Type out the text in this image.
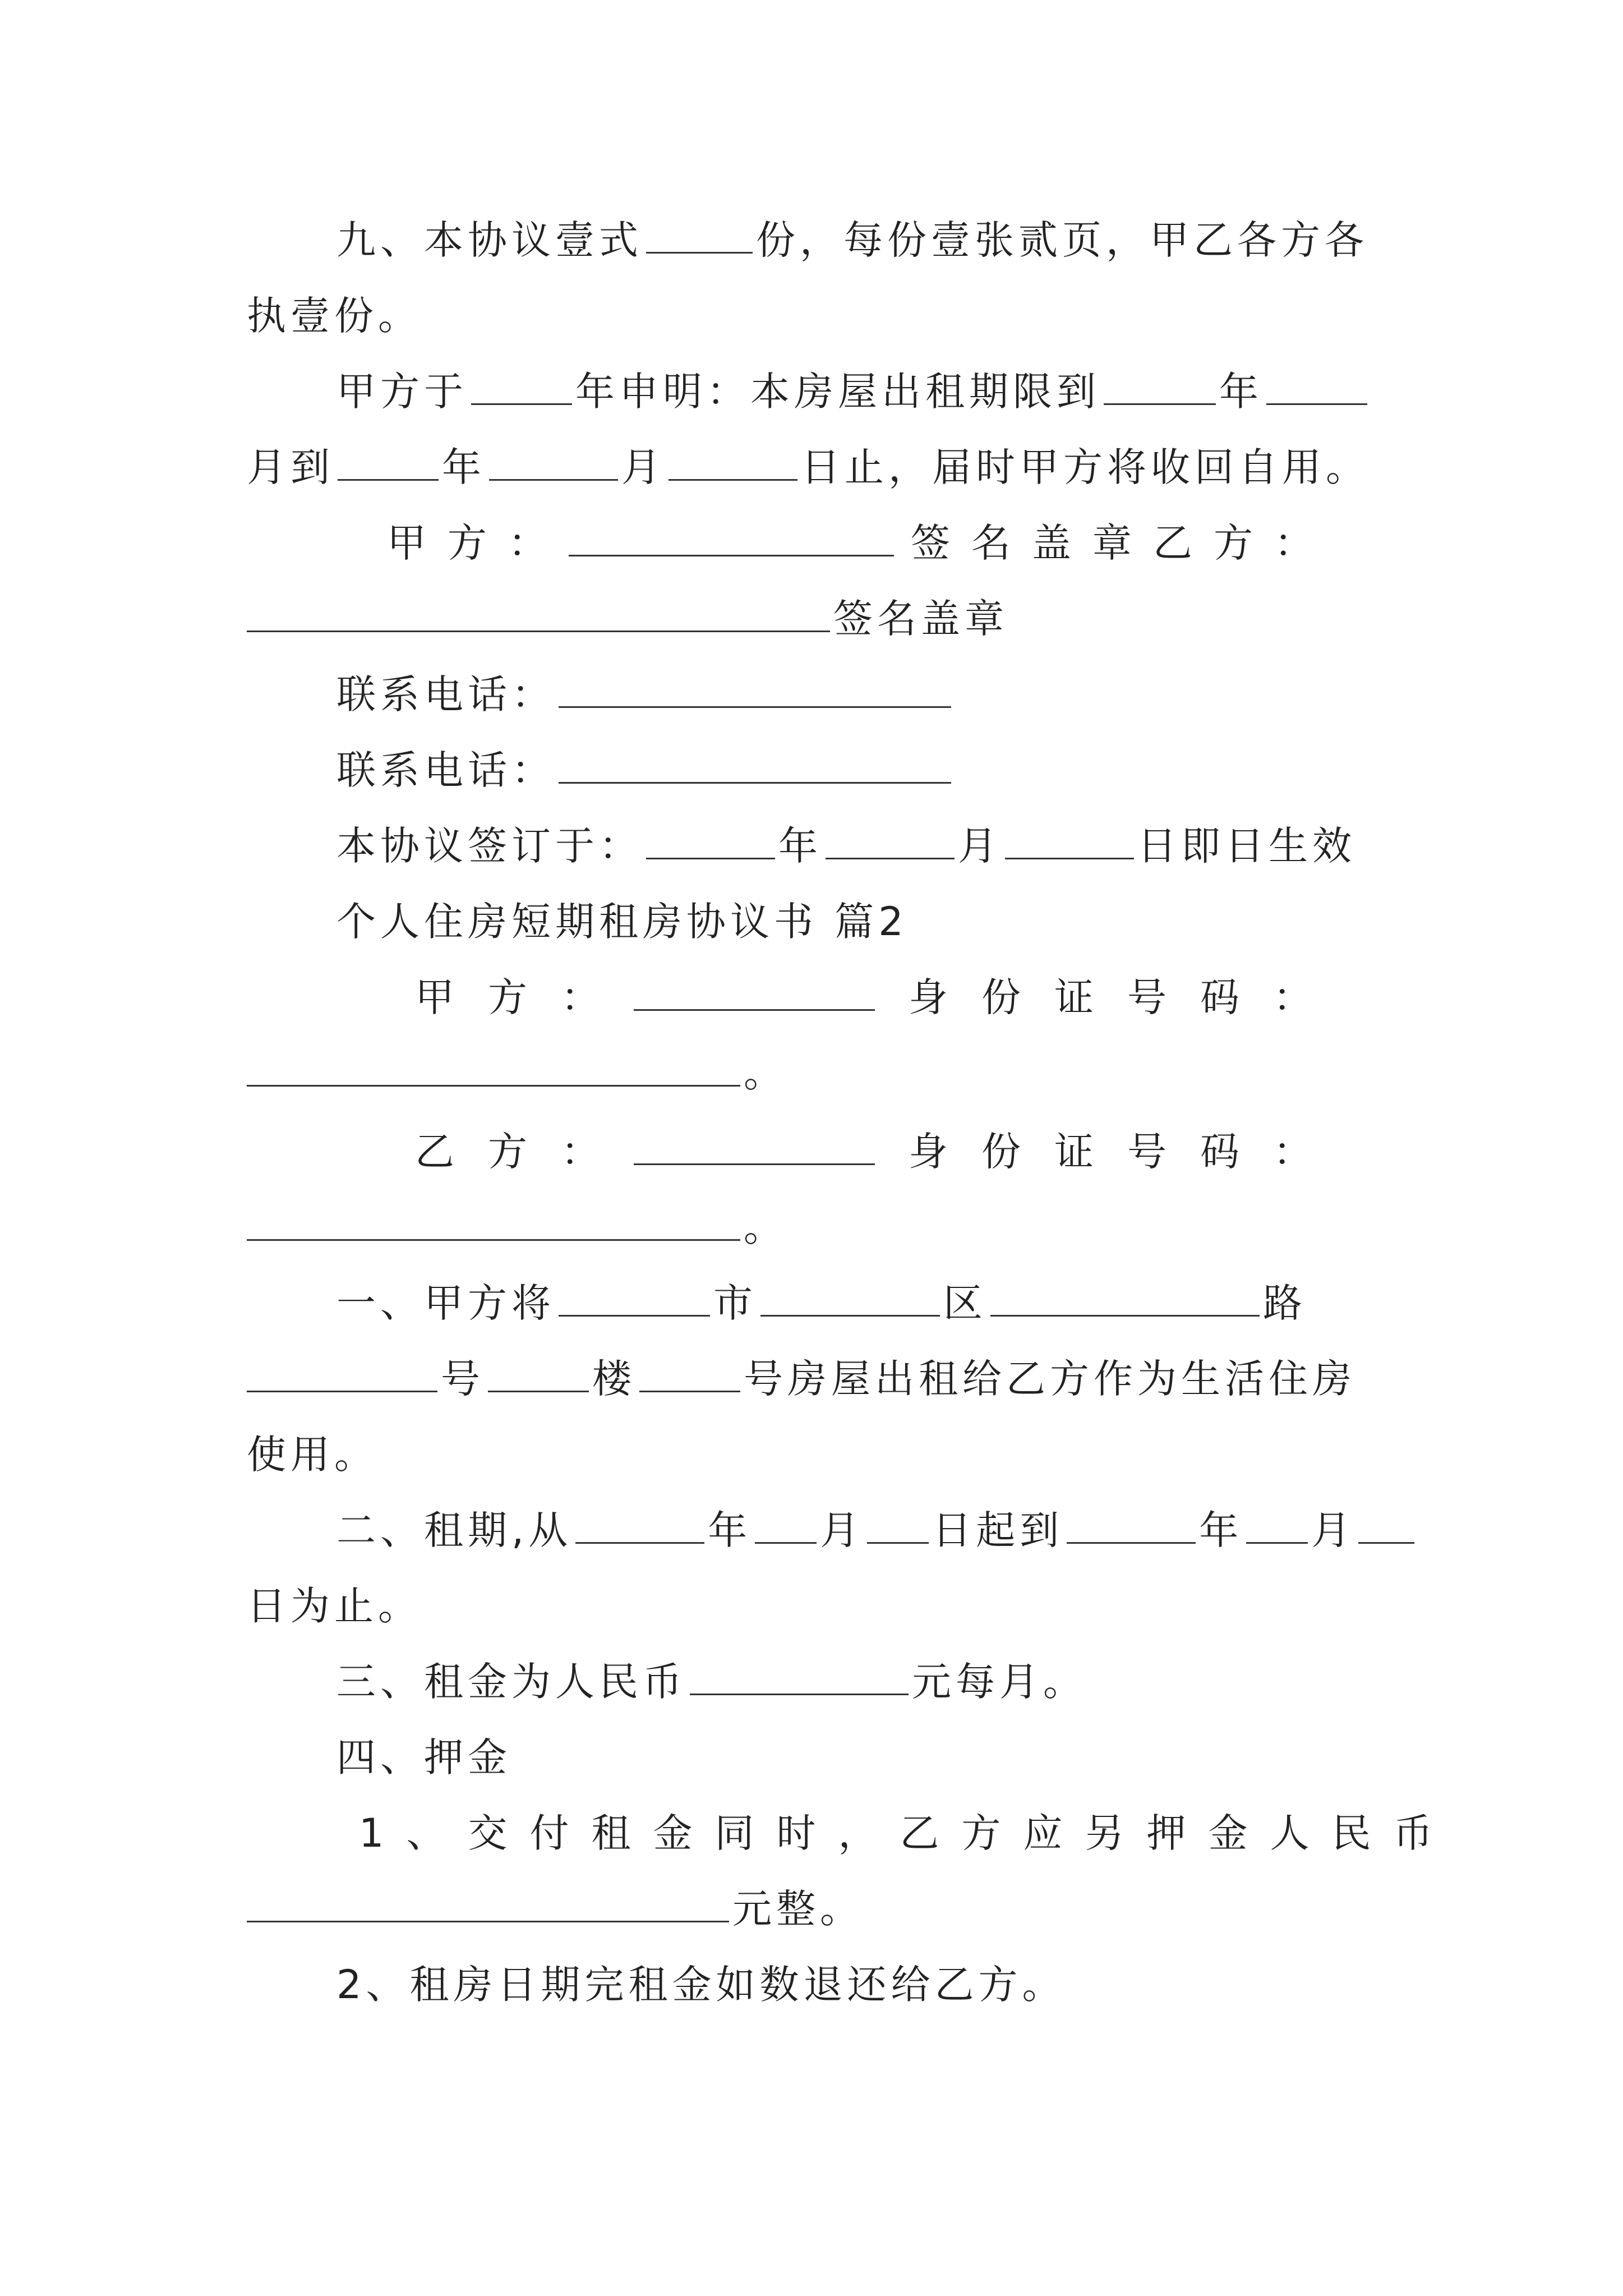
九、本协议壹式	份，每份壹张贰页，甲乙各方各
执壹份。
甲方于	年申明：本房屋出租期限到	年
月到	年	月	日止，届时甲方将收回自用。
甲方：	签名盖章乙方：
签名盖章
联系电话：
联系电话：
本协议签订于：	年	月	日即日生效
个人住房短期租房协议书 篇2
甲方：	身份证号码：
。
乙方：	身份证号码：
。
一、甲方将	市	区	路
号	楼	号房屋出租给乙方作为生活住房
使用。
二、租期,从	年 月 日起到	年 月
日为止。
三、租金为人民币	元每月。
四、押金
1、交付租金同时，乙方应另押金人民币
元整。
2、租房日期完租金如数退还给乙方。
